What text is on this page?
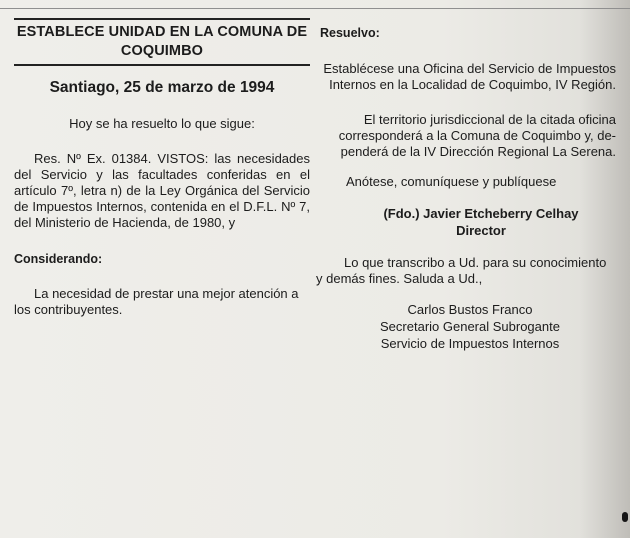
ESTABLECE UNIDAD EN LA COMUNA DE
COQUIMBO
Santiago, 25 de marzo de 1994

Hoy se ha resuelto lo que sigue:

Res. Nº Ex. 01384. VISTOS: las necesidades del Servicio y las facultades conferidas en el artículo 7º, letra n) de la Ley Orgánica del Servicio de Impuestos Internos, contenida en el D.F.L. Nº 7, del Ministerio de Hacienda, de 1980, y

Considerando:

La necesidad de prestar una mejor atención a los contribuyentes.

Resuelvo:

Establécese una Oficina del Servicio de Impuestos
Internos en la Localidad de Coquimbo, IV Región.

El territorio jurisdiccional de la citada oficina
corresponderá a la Comuna de Coquimbo y, de-
penderá de la IV Dirección Regional La Serena.

Anótese, comuníquese y publíquese

(Fdo.) Javier Etcheberry Celhay
Director

Lo que transcribo a Ud. para su conocimiento y demás fines. Saluda a Ud.,

Carlos Bustos Franco
Secretario General Subrogante
Servicio de Impuestos Internos
